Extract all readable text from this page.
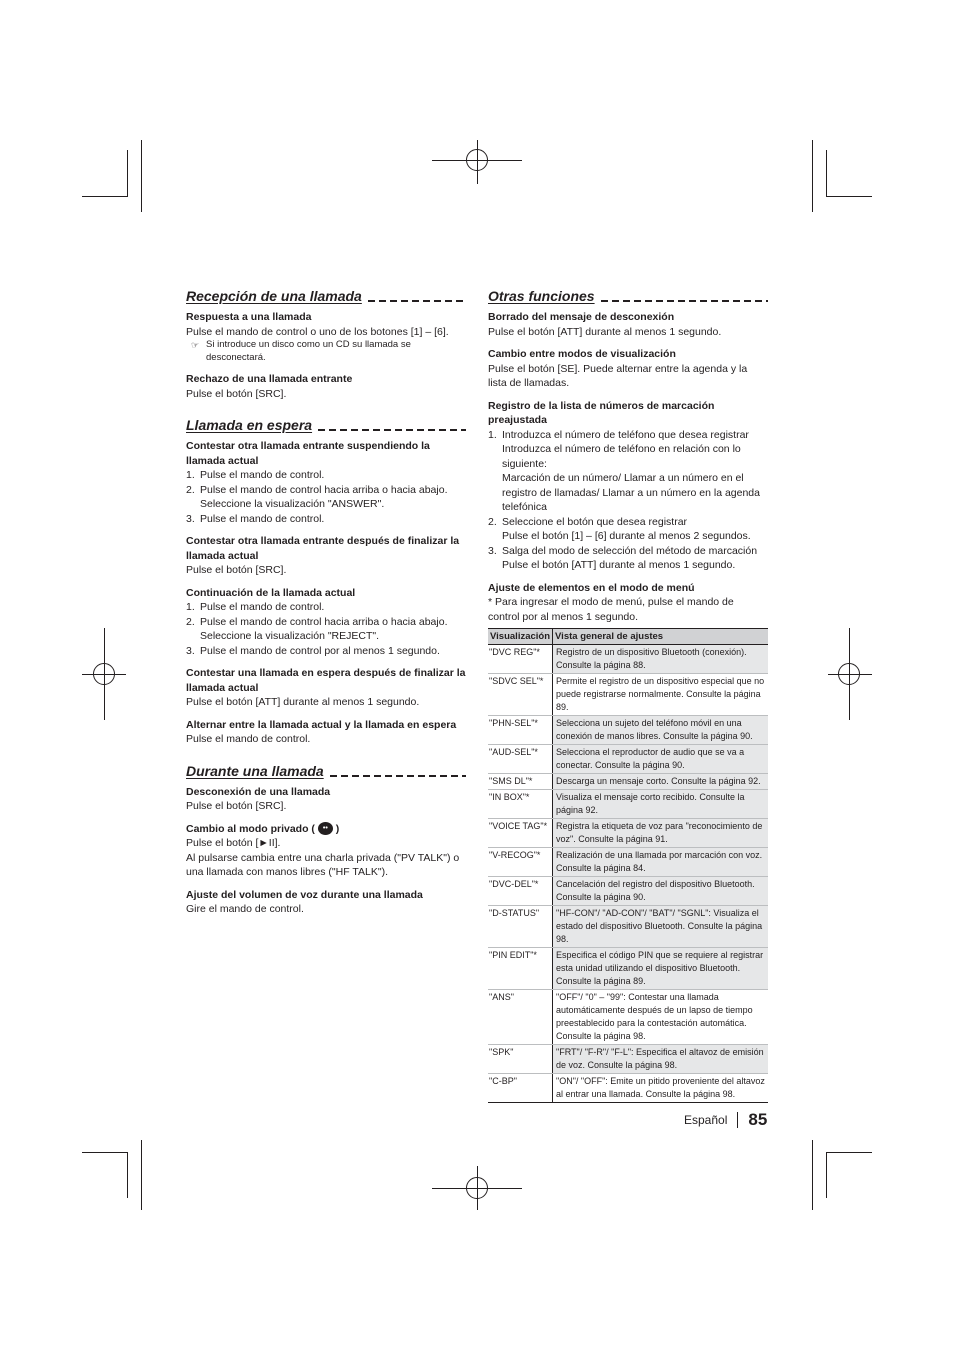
Recepción de una llamada

Respuesta a una llamada

Pulse el mando de control o uno de los botones [1] – [6].

☞ Si introduce un disco como un CD su llamada se desconectará.

Rechazo de una llamada entrante

Pulse el botón [SRC].

Llamada en espera

Contestar otra llamada entrante suspendiendo la llamada actual

1. Pulse el mando de control.
2. Pulse el mando de control hacia arriba o hacia abajo. Seleccione la visualización "ANSWER".
3. Pulse el mando de control.

Contestar otra llamada entrante después de finalizar la llamada actual

Pulse el botón [SRC].

Continuación de la llamada actual

1. Pulse el mando de control.
2. Pulse el mando de control hacia arriba o hacia abajo. Seleccione la visualización "REJECT".
3. Pulse el mando de control por al menos 1 segundo.

Contestar una llamada en espera después de finalizar la llamada actual

Pulse el botón [ATT] durante al menos 1 segundo.

Alternar entre la llamada actual y la llamada en espera

Pulse el mando de control.

Durante una llamada

Desconexión de una llamada

Pulse el botón [SRC].

Cambio al modo privado ( •• )

Pulse el botón [►II].

Al pulsarse cambia entre una charla privada ("PV TALK") o una llamada con manos libres ("HF TALK").

Ajuste del volumen de voz durante una llamada

Gire el mando de control.

Otras funciones

Borrado del mensaje de desconexión

Pulse el botón [ATT] durante al menos 1 segundo.

Cambio entre modos de visualización

Pulse el botón [SE]. Puede alternar entre la agenda y la lista de llamadas.

Registro de la lista de números de marcación preajustada

1. Introduzca el número de teléfono que desea registrar
Introduzca el número de teléfono en relación con lo siguiente:
Marcación de un número/ Llamar a un número en el registro de llamadas/ Llamar a un número en la agenda telefónica
2. Seleccione el botón que desea registrar
Pulse el botón [1] – [6] durante al menos 2 segundos.
3. Salga del modo de selección del método de marcación
Pulse el botón [ATT] durante al menos 1 segundo.

Ajuste de elementos en el modo de menú

* Para ingresar el modo de menú, pulse el mando de control por al menos 1 segundo.

Visualización	Vista general de ajustes
"DVC REG"*	Registro de un dispositivo Bluetooth (conexión). Consulte la página 88.
"SDVC SEL"*	Permite el registro de un dispositivo especial que no puede registrarse normalmente. Consulte la página 89.
"PHN-SEL"*	Selecciona un sujeto del teléfono móvil en una conexión de manos libres. Consulte la página 90.
"AUD-SEL"*	Selecciona el reproductor de audio que se va a conectar. Consulte la página 90.
"SMS DL"*	Descarga un mensaje corto. Consulte la página 92.
"IN BOX"*	Visualiza el mensaje corto recibido. Consulte la página 92.
"VOICE TAG"*	Registra la etiqueta de voz para "reconocimiento de voz". Consulte la página 91.
"V-RECOG"*	Realización de una llamada por marcación con voz. Consulte la página 84.
"DVC-DEL"*	Cancelación del registro del dispositivo Bluetooth. Consulte la página 90.
"D-STATUS"	"HF-CON"/ "AD-CON"/ "BAT"/ "SGNL": Visualiza el estado del dispositivo Bluetooth. Consulte la página 98.
"PIN EDIT"*	Especifica el código PIN que se requiere al registrar esta unidad utilizando el dispositivo Bluetooth. Consulte la página 89.
"ANS"	"OFF"/ "0" – "99": Contestar una llamada automáticamente después de un lapso de tiempo preestablecido para la contestación automática. Consulte la página 98.
"SPK"	"FRT"/ "F-R"/ "F-L": Especifica el altavoz de emisión de voz. Consulte la página 98.
"C-BP"	"ON"/ "OFF": Emite un pitido proveniente del altavoz al entrar una llamada. Consulte la página 98.
Español 85
